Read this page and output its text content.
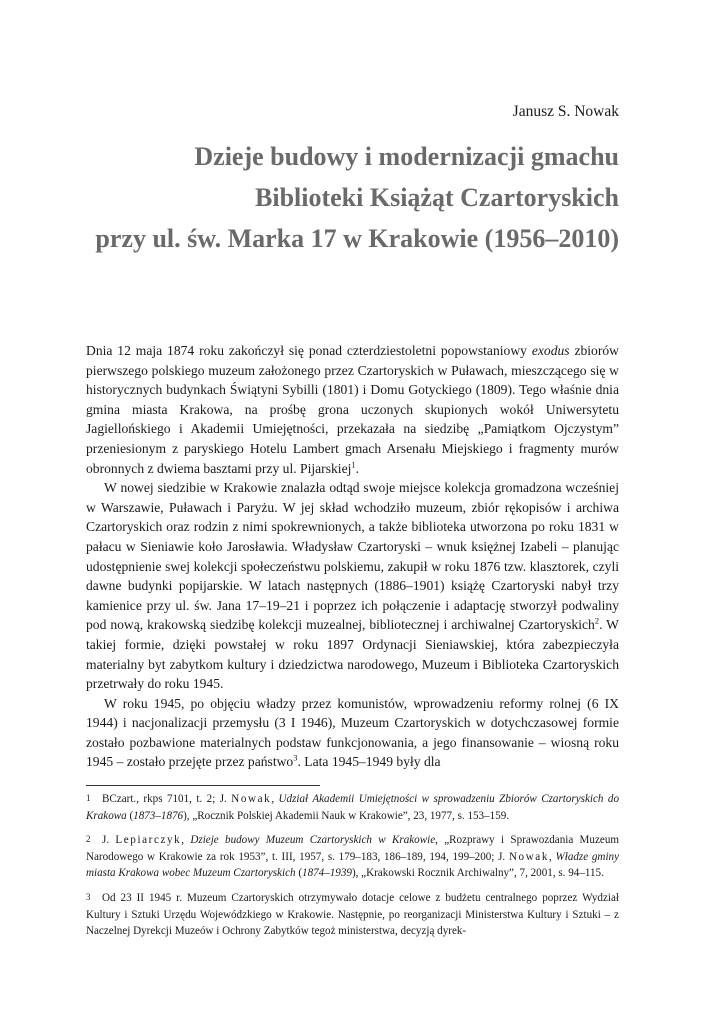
Janusz S. Nowak
Dzieje budowy i modernizacji gmachu
Biblioteki Książąt Czartoryskich
przy ul. św. Marka 17 w Krakowie (1956–2010)

Dnia 12 maja 1874 roku zakończył się ponad czterdziestoletni popowstaniowy exodus zbiorów pierwszego polskiego muzeum założonego przez Czartoryskich w Puławach, mieszczącego się w historycznych budynkach Świątyni Sybilli (1801) i Domu Gotyckiego (1809). Tego właśnie dnia gmina miasta Krakowa, na prośbę grona uczonych skupionych wokół Uniwersytetu Jagiellońskiego i Akademii Umiejętności, przekazała na siedzibę „Pamiątkom Ojczystym” przeniesionym z paryskiego Hotelu Lambert gmach Arsenału Miejskiego i fragmenty murów obronnych z dwiema basztami przy ul. Pijarskiej$^1$.

W nowej siedzibie w Krakowie znalazła odtąd swoje miejsce kolekcja gromadzona wcześniej w Warszawie, Puławach i Paryżu. W jej skład wchodziło muzeum, zbiór rękopisów i archiwa Czartoryskich oraz rodzin z nimi spokrewnionych, a także biblioteka utworzona po roku 1831 w pałacu w Sieniawie koło Jarosławia. Władysław Czartoryski – wnuk księżnej Izabeli – planując udostępnienie swej kolekcji społeczeństwu polskiemu, zakupił w roku 1876 tzw. klasztorek, czyli dawne budynki popijarskie. W latach następnych (1886–1901) książę Czartoryski nabył trzy kamienice przy ul. św. Jana 17–19–21 i poprzez ich połączenie i adaptację stworzył podwaliny pod nową, krakowską siedzibę kolekcji muzealnej, bibliotecznej i archiwalnej Czartoryskich$^2$. W takiej formie, dzięki powstałej w roku 1897 Ordynacji Sieniawskiej, która zabezpieczyła materialny byt zabytkom kultury i dziedzictwa narodowego, Muzeum i Biblioteka Czartoryskich przetrwały do roku 1945.

W roku 1945, po objęciu władzy przez komunistów, wprowadzeniu reformy rolnej (6 IX 1944) i nacjonalizacji przemysłu (3 I 1946), Muzeum Czartoryskich w dotychczasowej formie zostało pozbawione materialnych podstaw funkcjonowania, a jego finansowanie – wiosną roku 1945 – zostało przejęte przez państwo$^3$. Lata 1945–1949 były dla

1 BCzart., rkps 7101, t. 2; J. Nowak, Udział Akademii Umiejętności w sprowadzeniu Zbiorów Czartoryskich do Krakowa (1873–1876), „Rocznik Polskiej Akademii Nauk w Krakowie”, 23, 1977, s. 153–159.

2 J. Lepiarczyk, Dzieje budowy Muzeum Czartoryskich w Krakowie, „Rozprawy i Sprawozdania Muzeum Narodowego w Krakowie za rok 1953”, t. III, 1957, s. 179–183, 186–189, 194, 199–200; J. Nowak, Władze gminy miasta Krakowa wobec Muzeum Czartoryskich (1874–1939), „Krakowski Rocznik Archiwalny”, 7, 2001, s. 94–115.

3 Od 23 II 1945 r. Muzeum Czartoryskich otrzymywało dotacje celowe z budżetu centralnego poprzez Wydział Kultury i Sztuki Urzędu Wojewódzkiego w Krakowie. Następnie, po reorganizacji Ministerstwa Kultury i Sztuki – z Naczelnej Dyrekcji Muzeów i Ochrony Zabytków tegoż ministerstwa, decyzją dyrek-
